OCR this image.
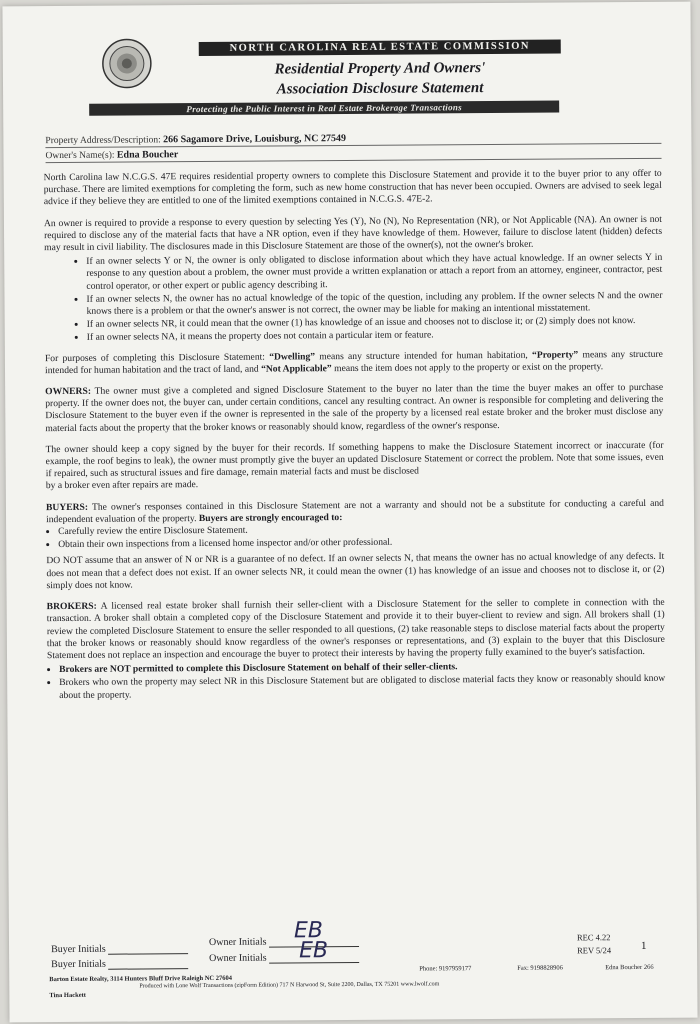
NORTH CAROLINA REAL ESTATE COMMISSION
Residential Property And Owners'
Association Disclosure Statement
Protecting the Public Interest in Real Estate Brokerage Transactions
Property Address/Description: 266 Sagamore Drive, Louisburg, NC 27549
Owner's Name(s): Edna Boucher

North Carolina law N.C.G.S. 47E requires residential property owners to complete this Disclosure Statement and provide it to the buyer prior to any offer to purchase. There are limited exemptions for completing the form, such as new home construction that has never been occupied. Owners are advised to seek legal advice if they believe they are entitled to one of the limited exemptions contained in N.C.G.S. 47E-2.

An owner is required to provide a response to every question by selecting Yes (Y), No (N), No Representation (NR), or Not Applicable (NA). An owner is not required to disclose any of the material facts that have a NR option, even if they have knowledge of them. However, failure to disclose latent (hidden) defects may result in civil liability. The disclosures made in this Disclosure Statement are those of the owner(s), not the owner's broker.

• If an owner selects Y or N, the owner is only obligated to disclose information about which they have actual knowledge. If an owner selects Y in response to any question about a problem, the owner must provide a written explanation or attach a report from an attorney, engineer, contractor, pest control operator, or other expert or public agency describing it.
• If an owner selects N, the owner has no actual knowledge of the topic of the question, including any problem. If the owner selects N and the owner knows there is a problem or that the owner's answer is not correct, the owner may be liable for making an intentional misstatement.
• If an owner selects NR, it could mean that the owner (1) has knowledge of an issue and chooses not to disclose it; or (2) simply does not know.
• If an owner selects NA, it means the property does not contain a particular item or feature.

For purposes of completing this Disclosure Statement: “Dwelling” means any structure intended for human habitation, “Property” means any structure intended for human habitation and the tract of land, and “Not Applicable” means the item does not apply to the property or exist on the property.

OWNERS: The owner must give a completed and signed Disclosure Statement to the buyer no later than the time the buyer makes an offer to purchase property. If the owner does not, the buyer can, under certain conditions, cancel any resulting contract. An owner is responsible for completing and delivering the Disclosure Statement to the buyer even if the owner is represented in the sale of the property by a licensed real estate broker and the broker must disclose any material facts about the property that the broker knows or reasonably should know, regardless of the owner's response.

The owner should keep a copy signed by the buyer for their records. If something happens to make the Disclosure Statement incorrect or inaccurate (for example, the roof begins to leak), the owner must promptly give the buyer an updated Disclosure Statement or correct the problem. Note that some issues, even if repaired, such as structural issues and fire damage, remain material facts and must be disclosed

by a broker even after repairs are made.

BUYERS: The owner's responses contained in this Disclosure Statement are not a warranty and should not be a substitute for conducting a careful and independent evaluation of the property. Buyers are strongly encouraged to:

• Carefully review the entire Disclosure Statement.
• Obtain their own inspections from a licensed home inspector and/or other professional.

DO NOT assume that an answer of N or NR is a guarantee of no defect. If an owner selects N, that means the owner has no actual knowledge of any defects. It does not mean that a defect does not exist. If an owner selects NR, it could mean the owner (1) has knowledge of an issue and chooses not to disclose it, or (2) simply does not know.

BROKERS: A licensed real estate broker shall furnish their seller-client with a Disclosure Statement for the seller to complete in connection with the transaction. A broker shall obtain a completed copy of the Disclosure Statement and provide it to their buyer-client to review and sign. All brokers shall (1) review the completed Disclosure Statement to ensure the seller responded to all questions, (2) take reasonable steps to disclose material facts about the property that the broker knows or reasonably should know regardless of the owner's responses or representations, and (3) explain to the buyer that this Disclosure Statement does not replace an inspection and encourage the buyer to protect their interests by having the property fully examined to the buyer's satisfaction.

• Brokers are NOT permitted to complete this Disclosure Statement on behalf of their seller-clients.
• Brokers who own the property may select NR in this Disclosure Statement but are obligated to disclose material facts they know or reasonably should know about the property.
Buyer Initials
Buyer Initials
Owner Initials
Owner Initials
EB
EB
REC 4.22
REV 5/24	1
Barton Estate Realty, 3114 Hunters Bluff Drive Raleigh NC 27604
Tina Hackett
Produced with Lone Wolf Transactions (zipForm Edition) 717 N Harwood St, Suite 2200, Dallas, TX 75201 www.lwolf.com
Phone: 9197959177	Fax: 9198828906	Edna Boucher 266
